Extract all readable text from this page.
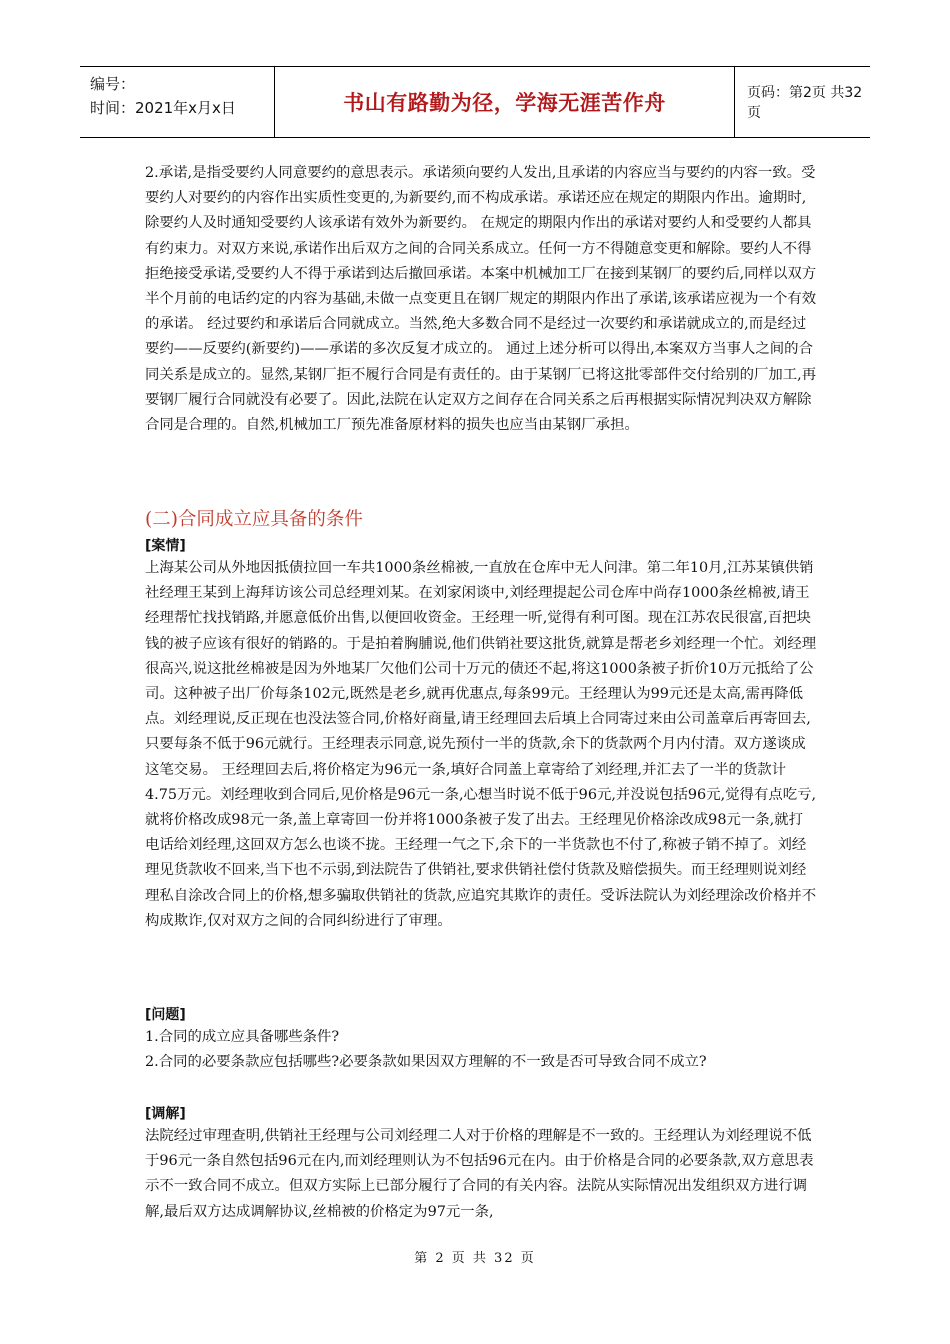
编号：
时间：2021年x月x日	书山有路勤为径，学海无涯苦作舟	页码：第2页 共32页

2.承诺,是指受要约人同意要约的意思表示。承诺须向要约人发出,且承诺的内容应当与要约的内容一致。受要约人对要约的内容作出实质性变更的,为新要约,而不构成承诺。承诺还应在规定的期限内作出。逾期时,除要约人及时通知受要约人该承诺有效外为新要约。 在规定的期限内作出的承诺对要约人和受要约人都具有约束力。对双方来说,承诺作出后双方之间的合同关系成立。任何一方不得随意变更和解除。要约人不得拒绝接受承诺,受要约人不得于承诺到达后撤回承诺。本案中机械加工厂在接到某钢厂的要约后,同样以双方半个月前的电话约定的内容为基础,未做一点变更且在钢厂规定的期限内作出了承诺,该承诺应视为一个有效的承诺。 经过要约和承诺后合同就成立。当然,绝大多数合同不是经过一次要约和承诺就成立的,而是经过要约——反要约(新要约)——承诺的多次反复才成立的。 通过上述分析可以得出,本案双方当事人之间的合同关系是成立的。显然,某钢厂拒不履行合同是有责任的。由于某钢厂已将这批零部件交付给别的厂加工,再要钢厂履行合同就没有必要了。因此,法院在认定双方之间存在合同关系之后再根据实际情况判决双方解除合同是合理的。自然,机械加工厂预先准备原材料的损失也应当由某钢厂承担。

(二)合同成立应具备的条件

[案情]

上海某公司从外地因抵债拉回一车共1000条丝棉被,一直放在仓库中无人问津。第二年10月,江苏某镇供销社经理王某到上海拜访该公司总经理刘某。在刘家闲谈中,刘经理提起公司仓库中尚存1000条丝棉被,请王经理帮忙找找销路,并愿意低价出售,以便回收资金。王经理一听,觉得有利可图。现在江苏农民很富,百把块钱的被子应该有很好的销路的。于是拍着胸脯说,他们供销社要这批货,就算是帮老乡刘经理一个忙。刘经理很高兴,说这批丝棉被是因为外地某厂欠他们公司十万元的债还不起,将这1000条被子折价10万元抵给了公司。这种被子出厂价每条102元,既然是老乡,就再优惠点,每条99元。王经理认为99元还是太高,需再降低点。刘经理说,反正现在也没法签合同,价格好商量,请王经理回去后填上合同寄过来由公司盖章后再寄回去,只要每条不低于96元就行。王经理表示同意,说先预付一半的货款,余下的货款两个月内付清。双方遂谈成这笔交易。 王经理回去后,将价格定为96元一条,填好合同盖上章寄给了刘经理,并汇去了一半的货款计4.75万元。刘经理收到合同后,见价格是96元一条,心想当时说不低于96元,并没说包括96元,觉得有点吃亏,就将价格改成98元一条,盖上章寄回一份并将1000条被子发了出去。王经理见价格涂改成98元一条,就打电话给刘经理,这回双方怎么也谈不拢。王经理一气之下,余下的一半货款也不付了,称被子销不掉了。刘经理见货款收不回来,当下也不示弱,到法院告了供销社,要求供销社偿付货款及赔偿损失。而王经理则说刘经理私自涂改合同上的价格,想多骗取供销社的货款,应追究其欺诈的责任。受诉法院认为刘经理涂改价格并不构成欺诈,仅对双方之间的合同纠纷进行了审理。

[问题]

1.合同的成立应具备哪些条件?
2.合同的必要条款应包括哪些?必要条款如果因双方理解的不一致是否可导致合同不成立?

[调解]

法院经过审理查明,供销社王经理与公司刘经理二人对于价格的理解是不一致的。王经理认为刘经理说不低于96元一条自然包括96元在内,而刘经理则认为不包括96元在内。由于价格是合同的必要条款,双方意思表示不一致合同不成立。但双方实际上已部分履行了合同的有关内容。法院从实际情况出发组织双方进行调解,最后双方达成调解协议,丝棉被的价格定为97元一条,

第 2 页 共 32 页
